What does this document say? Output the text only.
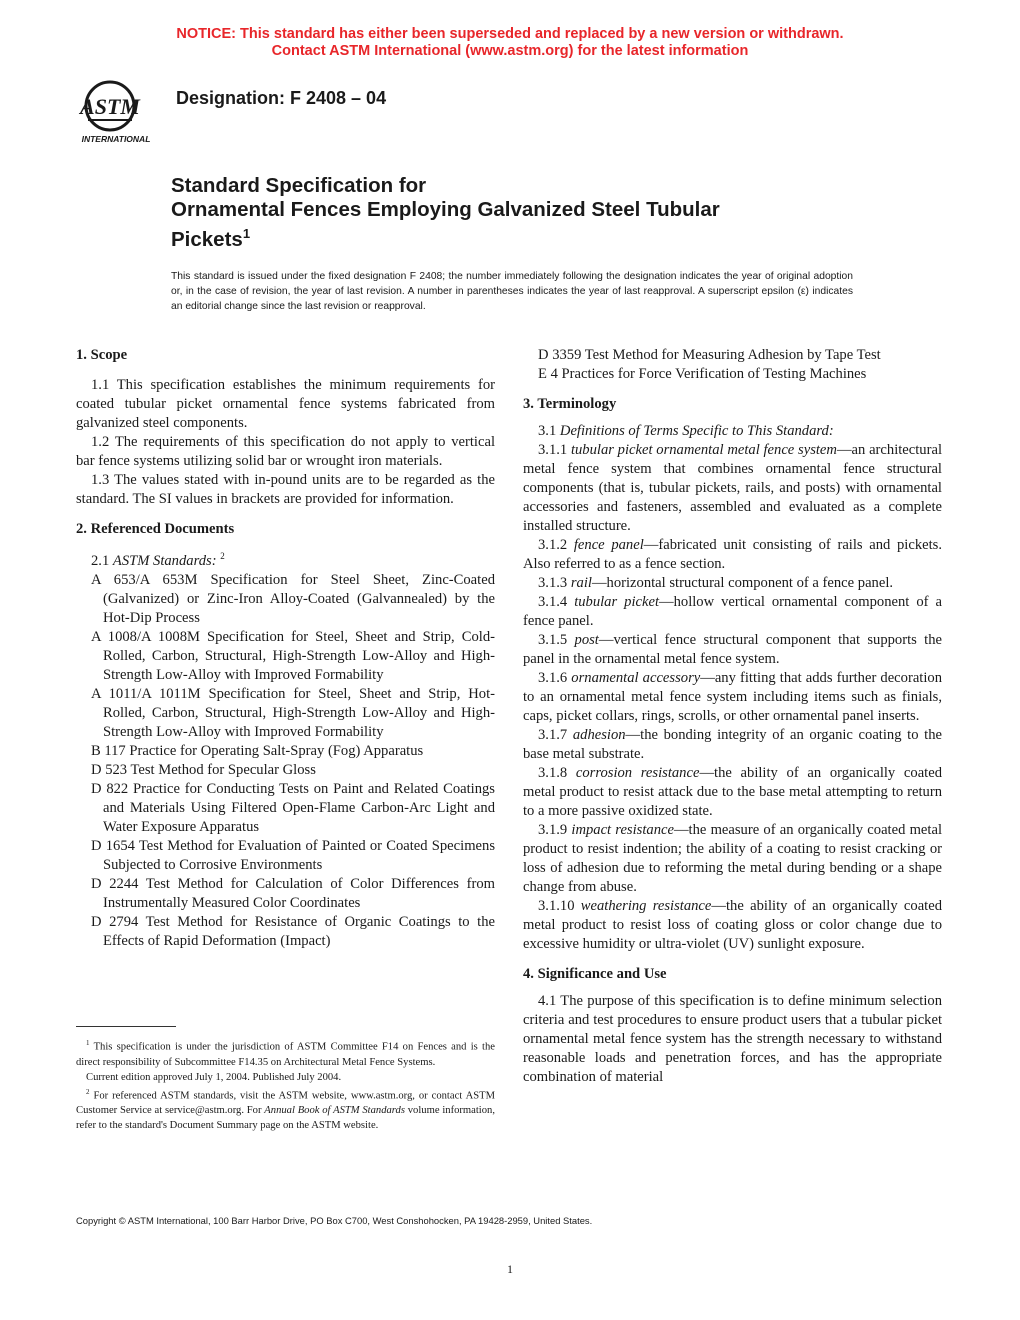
NOTICE: This standard has either been superseded and replaced by a new version or withdrawn.
Contact ASTM International (www.astm.org) for the latest information
ASTM
INTERNATIONAL
Designation: F 2408 – 04
Standard Specification for
Ornamental Fences Employing Galvanized Steel Tubular
Pickets$^1$
This standard is issued under the fixed designation F 2408; the number immediately following the designation indicates the year of original adoption or, in the case of revision, the year of last revision. A number in parentheses indicates the year of last reapproval. A superscript epsilon (ε) indicates an editorial change since the last revision or reapproval.
1. Scope

1.1 This specification establishes the minimum requirements for coated tubular picket ornamental fence systems fabricated from galvanized steel components.

1.2 The requirements of this specification do not apply to vertical bar fence systems utilizing solid bar or wrought iron materials.

1.3 The values stated with in-pound units are to be regarded as the standard. The SI values in brackets are provided for information.

2. Referenced Documents

2.1 ASTM Standards: $^2$

A 653/A 653M Specification for Steel Sheet, Zinc-Coated (Galvanized) or Zinc-Iron Alloy-Coated (Galvannealed) by the Hot-Dip Process

A 1008/A 1008M Specification for Steel, Sheet and Strip, Cold-Rolled, Carbon, Structural, High-Strength Low-Alloy and High-Strength Low-Alloy with Improved Formability

A 1011/A 1011M Specification for Steel, Sheet and Strip, Hot-Rolled, Carbon, Structural, High-Strength Low-Alloy and High-Strength Low-Alloy with Improved Formability

B 117 Practice for Operating Salt-Spray (Fog) Apparatus

D 523 Test Method for Specular Gloss

D 822 Practice for Conducting Tests on Paint and Related Coatings and Materials Using Filtered Open-Flame Carbon-Arc Light and Water Exposure Apparatus

D 1654 Test Method for Evaluation of Painted or Coated Specimens Subjected to Corrosive Environments

D 2244 Test Method for Calculation of Color Differences from Instrumentally Measured Color Coordinates

D 2794 Test Method for Resistance of Organic Coatings to the Effects of Rapid Deformation (Impact)

D 3359 Test Method for Measuring Adhesion by Tape Test

E 4 Practices for Force Verification of Testing Machines

3. Terminology

3.1 Definitions of Terms Specific to This Standard:

3.1.1 tubular picket ornamental metal fence system—an architectural metal fence system that combines ornamental fence structural components (that is, tubular pickets, rails, and posts) with ornamental accessories and fasteners, assembled and evaluated as a complete installed structure.

3.1.2 fence panel—fabricated unit consisting of rails and pickets. Also referred to as a fence section.

3.1.3 rail—horizontal structural component of a fence panel.

3.1.4 tubular picket—hollow vertical ornamental component of a fence panel.

3.1.5 post—vertical fence structural component that supports the panel in the ornamental metal fence system.

3.1.6 ornamental accessory—any fitting that adds further decoration to an ornamental metal fence system including items such as finials, caps, picket collars, rings, scrolls, or other ornamental panel inserts.

3.1.7 adhesion—the bonding integrity of an organic coating to the base metal substrate.

3.1.8 corrosion resistance—the ability of an organically coated metal product to resist attack due to the base metal attempting to return to a more passive oxidized state.

3.1.9 impact resistance—the measure of an organically coated metal product to resist indention; the ability of a coating to resist cracking or loss of adhesion due to reforming the metal during bending or a shape change from abuse.

3.1.10 weathering resistance—the ability of an organically coated metal product to resist loss of coating gloss or color change due to excessive humidity or ultra-violet (UV) sunlight exposure.

4. Significance and Use

4.1 The purpose of this specification is to define minimum selection criteria and test procedures to ensure product users that a tubular picket ornamental metal fence system has the strength necessary to withstand reasonable loads and penetration forces, and has the appropriate combination of material

$^1$ This specification is under the jurisdiction of ASTM Committee F14 on Fences and is the direct responsibility of Subcommittee F14.35 on Architectural Metal Fence Systems.

Current edition approved July 1, 2004. Published July 2004.

$^2$ For referenced ASTM standards, visit the ASTM website, www.astm.org, or contact ASTM Customer Service at service@astm.org. For Annual Book of ASTM Standards volume information, refer to the standard's Document Summary page on the ASTM website.

Copyright © ASTM International, 100 Barr Harbor Drive, PO Box C700, West Conshohocken, PA 19428-2959, United States.
1
